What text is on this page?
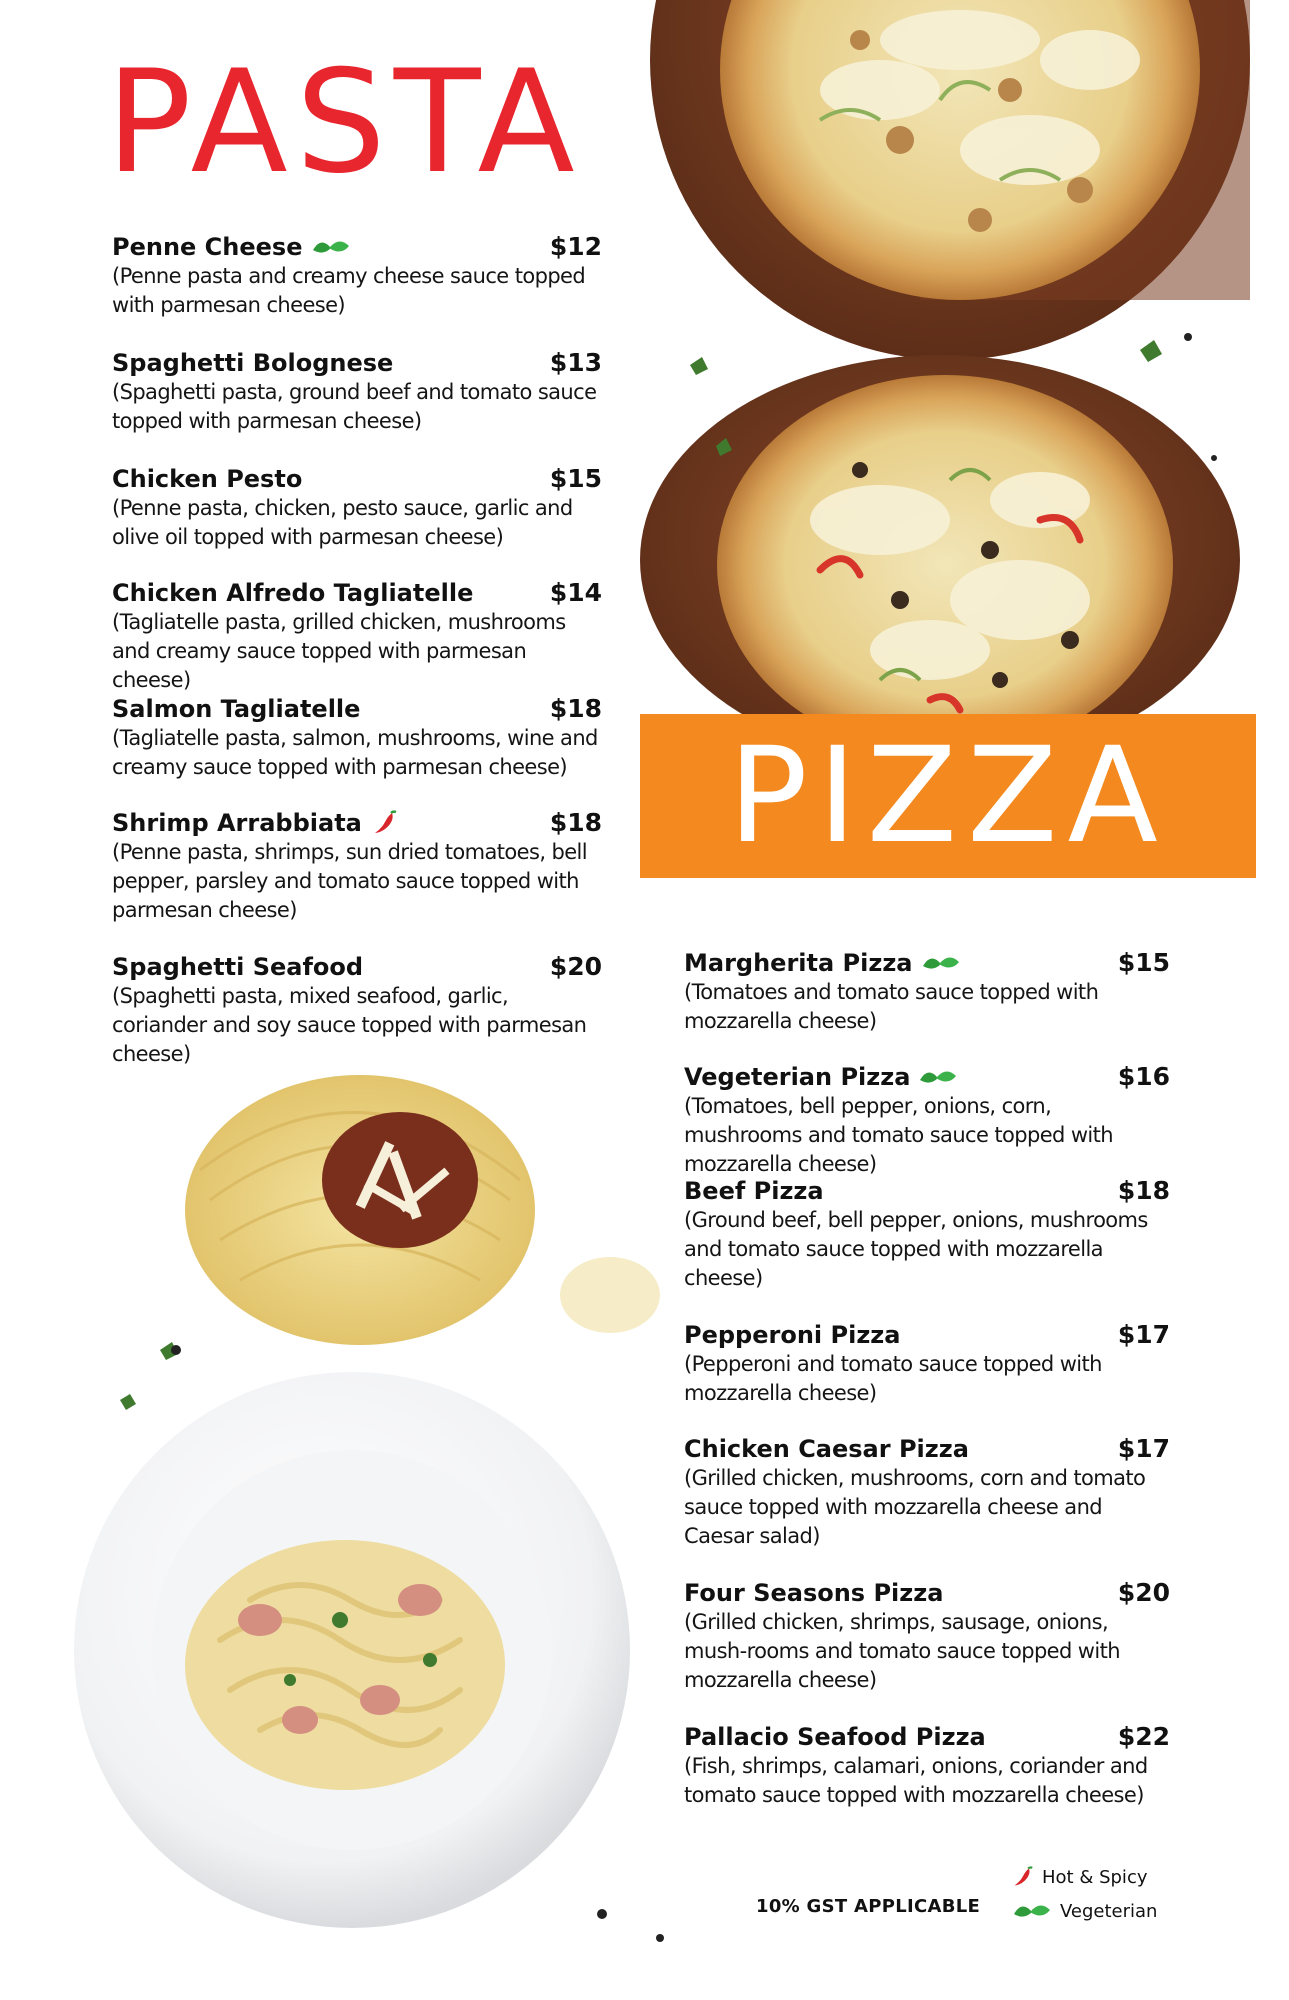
PASTA
Penne Cheese	$12
(Penne pasta and creamy cheese sauce topped with parmesan cheese)
Spaghetti Bolognese	$13
(Spaghetti pasta, ground beef and tomato sauce topped with parmesan cheese)
Chicken Pesto	$15
(Penne pasta, chicken, pesto sauce, garlic and olive oil topped with parmesan cheese)
Chicken Alfredo Tagliatelle	$14
(Tagliatelle pasta, grilled chicken, mushrooms and creamy sauce topped with parmesan cheese)
Salmon Tagliatelle	$18
(Tagliatelle pasta, salmon, mushrooms, wine and creamy sauce topped with parmesan cheese)
Shrimp Arrabbiata	$18
(Penne pasta, shrimps, sun dried tomatoes, bell pepper, parsley and tomato sauce topped with parmesan cheese)
Spaghetti Seafood	$20
(Spaghetti pasta, mixed seafood, garlic, coriander and soy sauce topped with parmesan cheese)
PIZZA
Margherita Pizza	$15
(Tomatoes and tomato sauce topped with mozzarella cheese)
Vegeterian Pizza	$16
(Tomatoes, bell pepper, onions, corn, mushrooms and tomato sauce topped with mozzarella cheese)
Beef Pizza	$18
(Ground beef, bell pepper, onions, mushrooms and tomato sauce topped with mozzarella cheese)
Pepperoni Pizza	$17
(Pepperoni and tomato sauce topped with mozzarella cheese)
Chicken Caesar Pizza	$17
(Grilled chicken, mushrooms, corn and tomato sauce topped with mozzarella cheese and Caesar salad)
Four Seasons Pizza	$20
(Grilled chicken, shrimps, sausage, onions, mush-rooms and tomato sauce topped with mozzarella cheese)
Pallacio Seafood Pizza	$22
(Fish, shrimps, calamari, onions, coriander and tomato sauce topped with mozzarella cheese)
10% GST APPLICABLE
Hot & Spicy
Vegeterian
